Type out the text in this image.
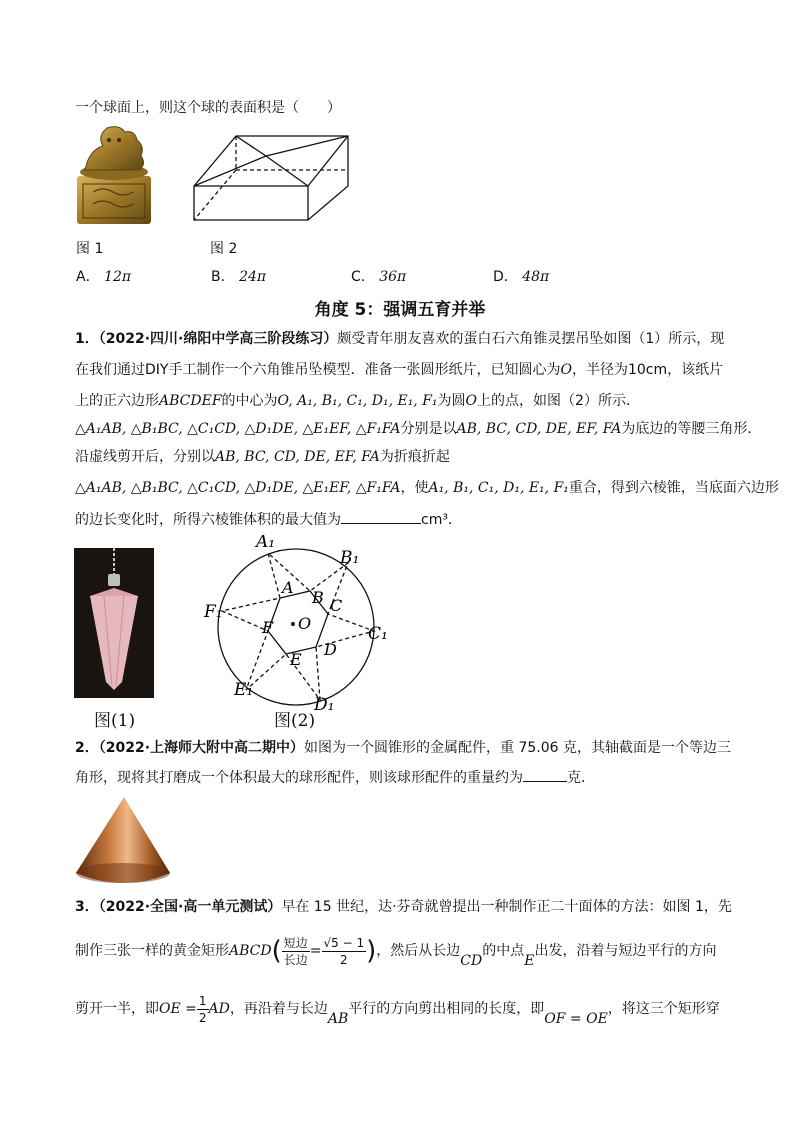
一个球面上，则这个球的表面积是（　　）
图 1	图 2
A． 12π	B． 24π	C． 36π	D． 48π
角度 5：强调五育并举
1．（2022·四川·绵阳中学高三阶段练习）颇受青年朋友喜欢的蛋白石六角锥灵摆吊坠如图（1）所示，现
在我们通过DIY手工制作一个六角锥吊坠模型．准备一张圆形纸片，已知圆心为O，半径为10cm，该纸片
上的正六边形ABCDEF的中心为O, A₁, B₁, C₁, D₁, E₁, F₁为圆O上的点，如图（2）所示．
△A₁AB, △B₁BC, △C₁CD, △D₁DE, △E₁EF, △F₁FA分别是以AB, BC, CD, DE, EF, FA为底边的等腰三角形．
沿虚线剪开后，分别以AB, BC, CD, DE, EF, FA为折痕折起
△A₁AB, △B₁BC, △C₁CD, △D₁DE, △E₁EF, △F₁FA，使A₁, B₁, C₁, D₁, E₁, F₁重合，得到六棱锥，当底面六边形
的边长变化时，所得六棱锥体积的最大值为	cm³．
图(1)
A₁
B₁
C₁
D₁
E₁
F₁
A
B C
D
E
F O
图(2)
2．（2022·上海师大附中高二期中）如图为一个圆锥形的金属配件，重 75.06 克，其轴截面是一个等边三
角形，现将其打磨成一个体积最大的球形配件，则该球形配件的重量约为	克．
3．（2022·全国·高一单元测试）早在 15 世纪，达·芬奇就曾提出一种制作正二十面体的方法：如图 1，先
制作三张一样的黄金矩形ABCD( $\frac{\text{短边}}{\text{长边}} = \frac{√5 - 1}{2}$ )，然后从长边CD的中点E出发，沿着与短边平行的方向
剪开一半，即OE = $\frac{1}{2}$ AD，再沿着与长边AB平行的方向剪出相同的长度，即OF = OE，将这三个矩形穿
